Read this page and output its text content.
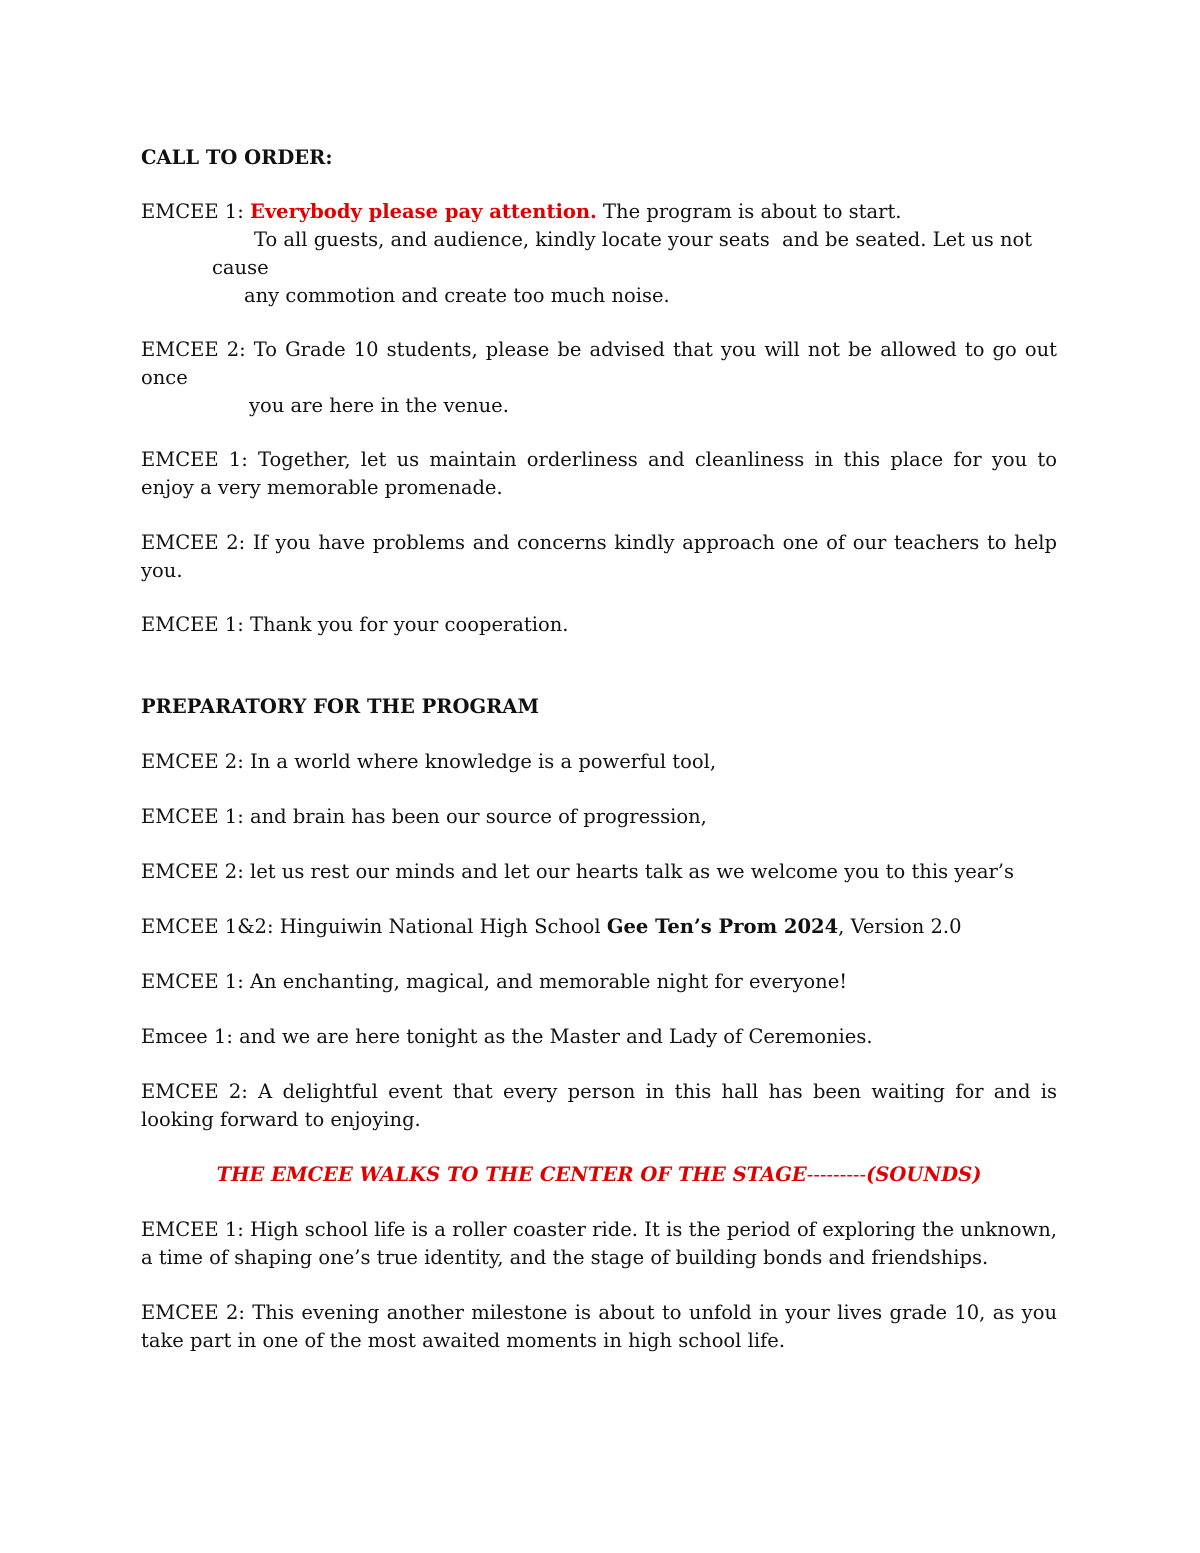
CALL TO ORDER:
EMCEE 1: Everybody please pay attention. The program is about to start.
To all guests, and audience, kindly locate your seats  and be seated. Let us not
cause
any commotion and create too much noise.
EMCEE 2: To Grade 10 students, please be advised that you will not be allowed to go out
once
you are here in the venue.
EMCEE 1: Together, let us maintain orderliness and cleanliness in this place for you to
enjoy a very memorable promenade.
EMCEE 2: If you have problems and concerns kindly approach one of our teachers to help
you.
EMCEE 1: Thank you for your cooperation.
PREPARATORY FOR THE PROGRAM
EMCEE 2: In a world where knowledge is a powerful tool,
EMCEE 1: and brain has been our source of progression,
EMCEE 2: let us rest our minds and let our hearts talk as we welcome you to this year’s
EMCEE 1&2: Hinguiwin National High School Gee Ten’s Prom 2024, Version 2.0
EMCEE 1: An enchanting, magical, and memorable night for everyone!
Emcee 1: and we are here tonight as the Master and Lady of Ceremonies.
EMCEE 2: A delightful event that every person in this hall has been waiting for and is
looking forward to enjoying.
THE EMCEE WALKS TO THE CENTER OF THE STAGE---------(SOUNDS)
EMCEE 1: High school life is a roller coaster ride. It is the period of exploring the unknown,
a time of shaping one’s true identity, and the stage of building bonds and friendships.
EMCEE 2: This evening another milestone is about to unfold in your lives grade 10, as you
take part in one of the most awaited moments in high school life.
